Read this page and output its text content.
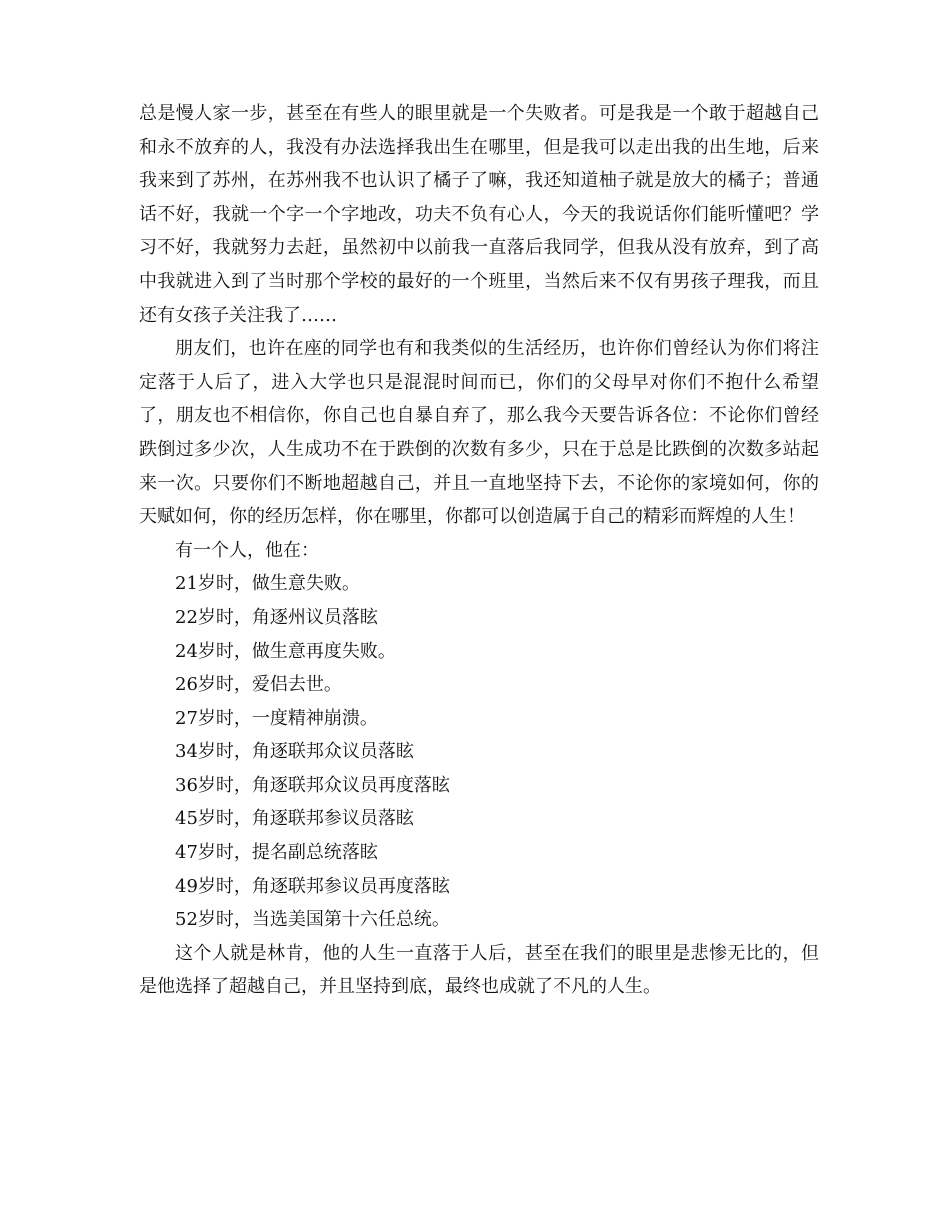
总是慢人家一步，甚至在有些人的眼里就是一个失败者。可是我是一个敢于超越自己和永不放弃的人，我没有办法选择我出生在哪里，但是我可以走出我的出生地，后来我来到了苏州，在苏州我不也认识了橘子了嘛，我还知道柚子就是放大的橘子；普通话不好，我就一个字一个字地改，功夫不负有心人，今天的我说话你们能听懂吧？学习不好，我就努力去赶，虽然初中以前我一直落后我同学，但我从没有放弃，到了高中我就进入到了当时那个学校的最好的一个班里，当然后来不仅有男孩子理我，而且还有女孩子关注我了……

朋友们，也许在座的同学也有和我类似的生活经历，也许你们曾经认为你们将注定落于人后了，进入大学也只是混混时间而已，你们的父母早对你们不抱什么希望了，朋友也不相信你，你自己也自暴自弃了，那么我今天要告诉各位：不论你们曾经跌倒过多少次，人生成功不在于跌倒的次数有多少，只在于总是比跌倒的次数多站起来一次。只要你们不断地超越自己，并且一直地坚持下去，不论你的家境如何，你的天赋如何，你的经历怎样，你在哪里，你都可以创造属于自己的精彩而辉煌的人生！

有一个人，他在：

21岁时，做生意失败。

22岁时，角逐州议员落眩

24岁时，做生意再度失败。

26岁时，爱侣去世。

27岁时，一度精神崩溃。

34岁时，角逐联邦众议员落眩

36岁时，角逐联邦众议员再度落眩

45岁时，角逐联邦参议员落眩

47岁时，提名副总统落眩

49岁时，角逐联邦参议员再度落眩

52岁时，当选美国第十六任总统。

这个人就是林肯，他的人生一直落于人后，甚至在我们的眼里是悲惨无比的，但是他选择了超越自己，并且坚持到底，最终也成就了不凡的人生。
